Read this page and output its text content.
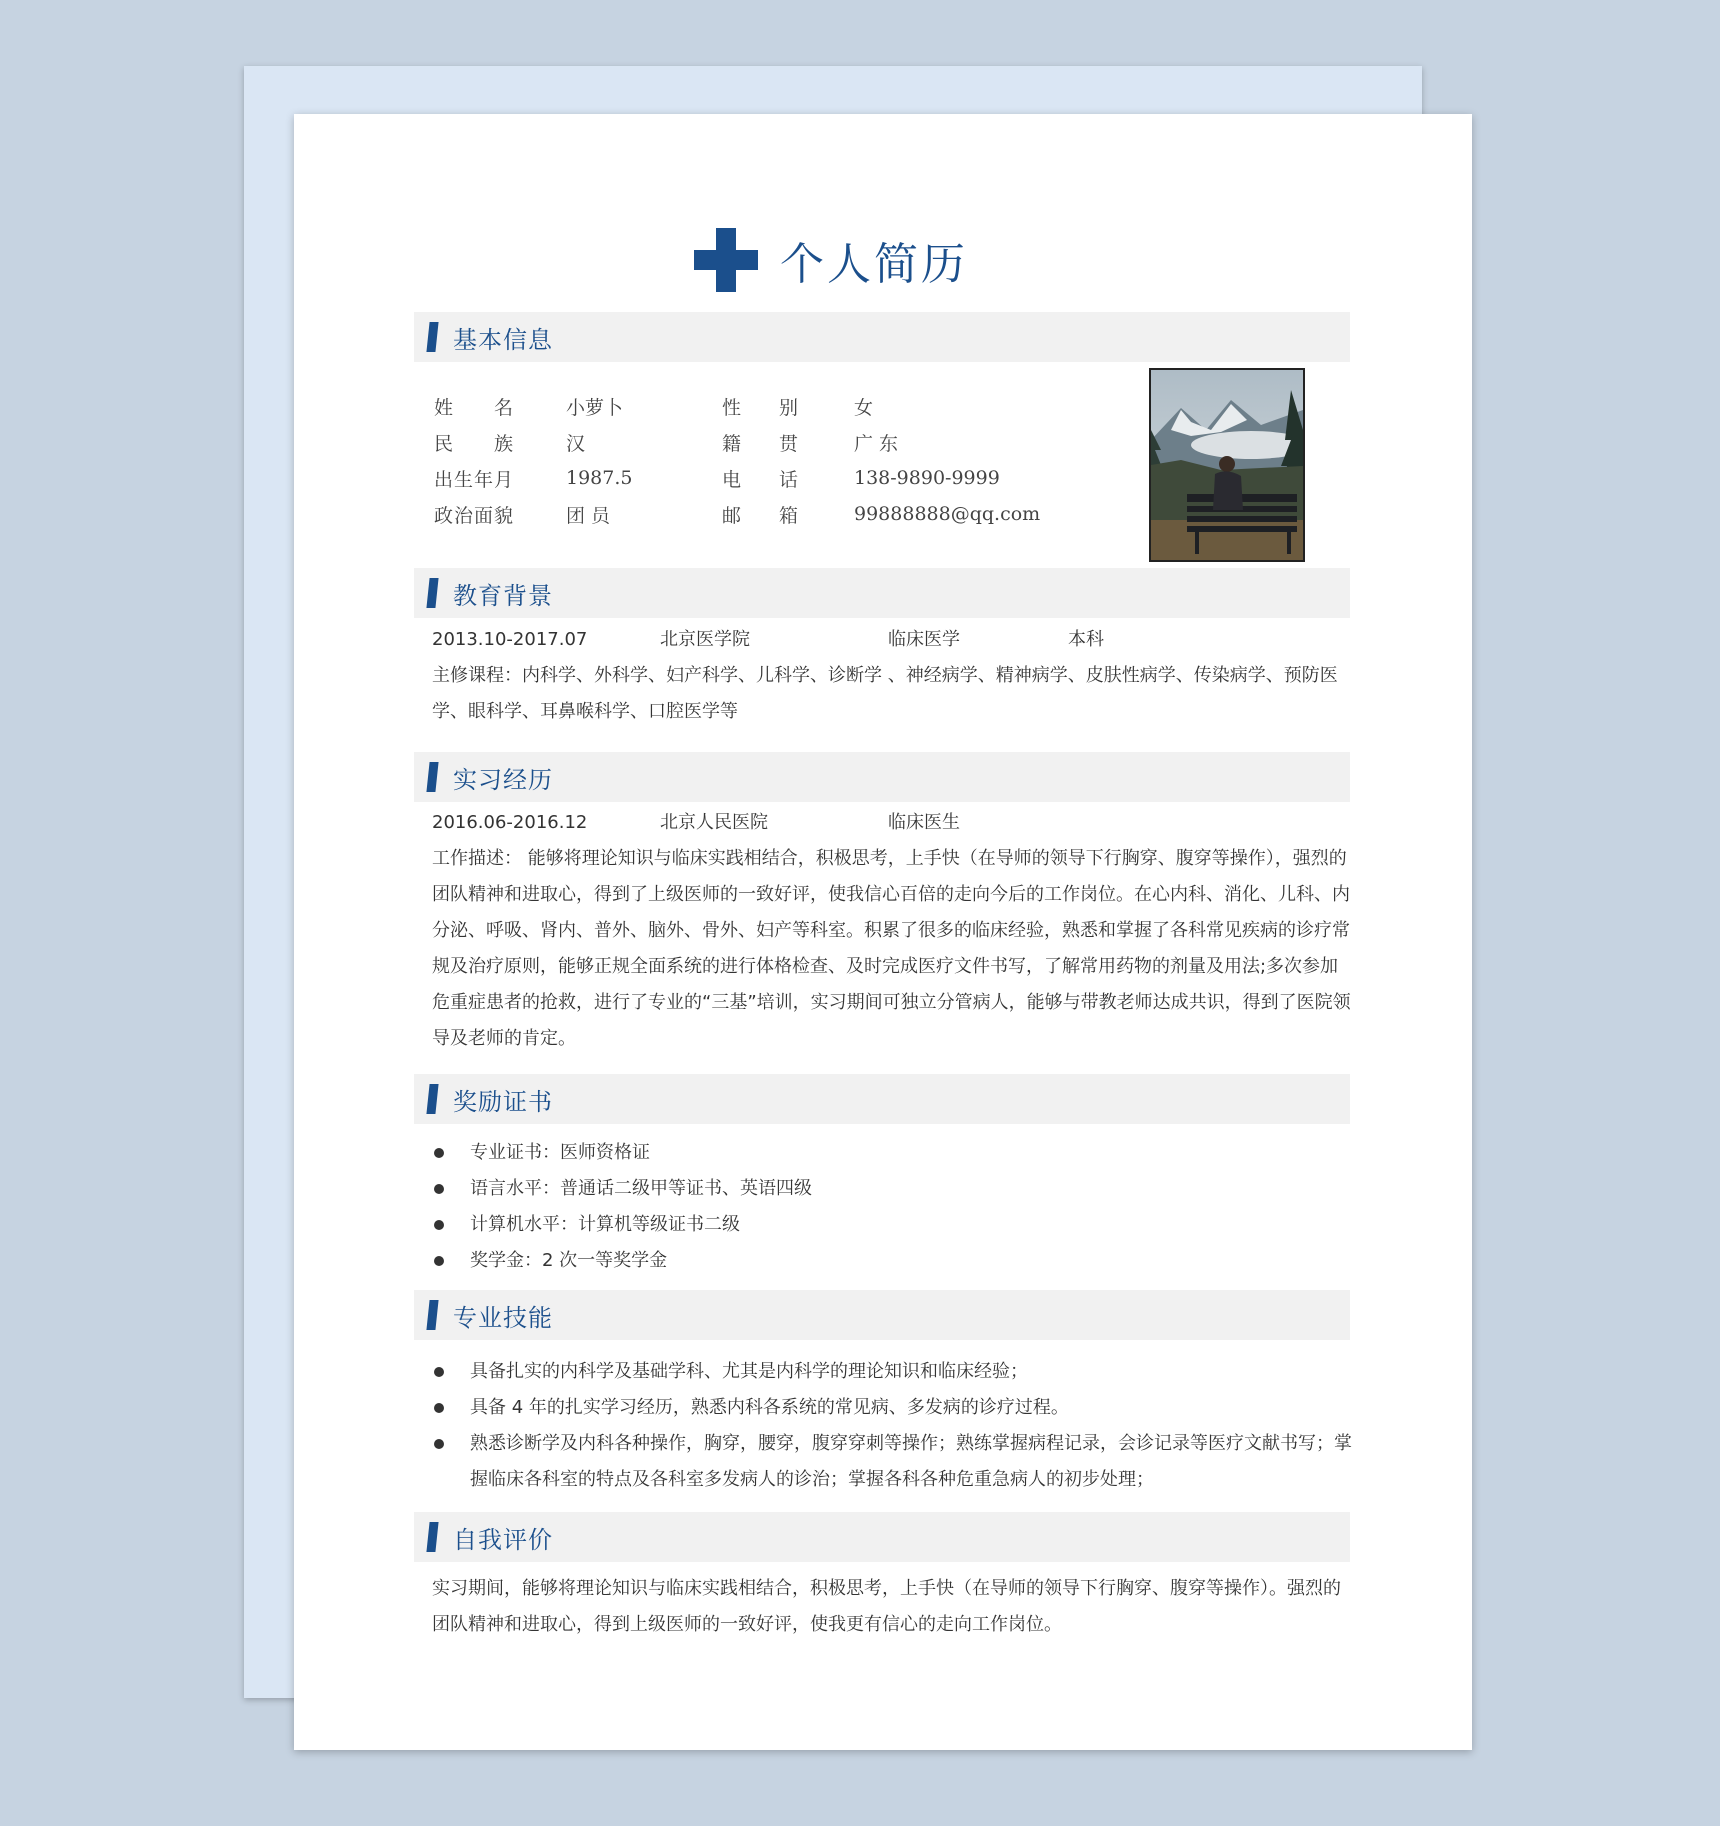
个人简历
基本信息
姓　　名	小萝卜	性　　别	女
民　　族	汉	籍　　贯	广 东
出生年月	1987.5	电　　话	138-9890-9999
政治面貌	团 员	邮　　箱	99888888@qq.com
教育背景
2013.10-2017.07	北京医学院	临床医学	本科
主修课程：内科学、外科学、妇产科学、儿科学、诊断学 、神经病学、精神病学、皮肤性病学、传染病学、预防医学、眼科学、耳鼻喉科学、口腔医学等
实习经历
2016.06-2016.12	北京人民医院	临床医生
工作描述： 能够将理论知识与临床实践相结合，积极思考，上手快（在导师的领导下行胸穿、腹穿等操作），强烈的团队精神和进取心，得到了上级医师的一致好评，使我信心百倍的走向今后的工作岗位。在心内科、消化、儿科、内分泌、呼吸、肾内、普外、脑外、骨外、妇产等科室。积累了很多的临床经验，熟悉和掌握了各科常见疾病的诊疗常规及治疗原则，能够正规全面系统的进行体格检查、及时完成医疗文件书写，了解常用药物的剂量及用法;多次参加危重症患者的抢救，进行了专业的“三基”培训，实习期间可独立分管病人，能够与带教老师达成共识，得到了医院领导及老师的肯定。
奖励证书
专业证书：医师资格证
语言水平：普通话二级甲等证书、英语四级
计算机水平：计算机等级证书二级
奖学金：2 次一等奖学金
专业技能
具备扎实的内科学及基础学科、尤其是内科学的理论知识和临床经验；
具备 4 年的扎实学习经历，熟悉内科各系统的常见病、多发病的诊疗过程。
熟悉诊断学及内科各种操作，胸穿，腰穿，腹穿穿刺等操作；熟练掌握病程记录，会诊记录等医疗文献书写；掌握临床各科室的特点及各科室多发病人的诊治；掌握各科各种危重急病人的初步处理；
自我评价
实习期间，能够将理论知识与临床实践相结合，积极思考，上手快（在导师的领导下行胸穿、腹穿等操作）。强烈的团队精神和进取心，得到上级医师的一致好评，使我更有信心的走向工作岗位。
